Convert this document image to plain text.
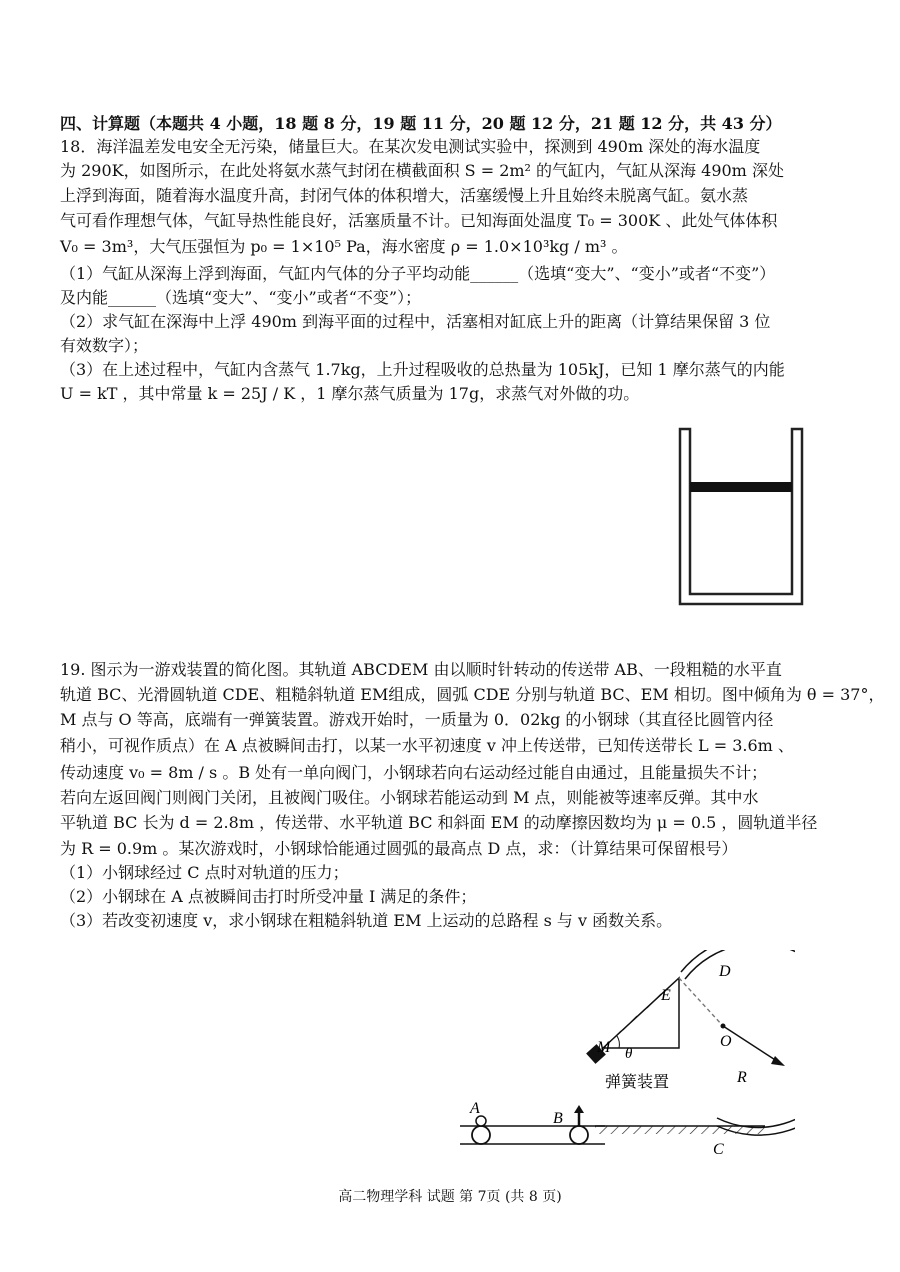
四、计算题（本题共 4 小题，18 题 8 分，19 题 11 分，20 题 12 分，21 题 12 分，共 43 分）
18．海洋温差发电安全无污染，储量巨大。在某次发电测试实验中，探测到 490m 深处的海水温度
为 290K，如图所示，在此处将氨水蒸气封闭在横截面积 S = 2m² 的气缸内，气缸从深海 490m 深处
上浮到海面，随着海水温度升高，封闭气体的体积增大，活塞缓慢上升且始终未脱离气缸。氨水蒸
气可看作理想气体，气缸导热性能良好，活塞质量不计。已知海面处温度 T₀ = 300K 、此处气体体积
V₀ = 3m³，大气压强恒为 p₀ = 1×10⁵ Pa，海水密度 ρ = 1.0×10³kg / m³ 。
（1）气缸从深海上浮到海面，气缸内气体的分子平均动能______（选填“变大”、“变小”或者“不变”）
及内能______（选填“变大”、“变小”或者“不变”）；
（2）求气缸在深海中上浮 490m 到海平面的过程中，活塞相对缸底上升的距离（计算结果保留 3 位
有效数字）；
（3）在上述过程中，气缸内含蒸气 1.7kg，上升过程吸收的总热量为 105kJ，已知 1 摩尔蒸气的内能
U = kT ，其中常量 k = 25J / K ，1 摩尔蒸气质量为 17g，求蒸气对外做的功。
19. 图示为一游戏装置的简化图。其轨道 ABCDEM 由以顺时针转动的传送带 AB、一段粗糙的水平直
轨道 BC、光滑圆轨道 CDE、粗糙斜轨道 EM组成，圆弧 CDE 分别与轨道 BC、EM 相切。图中倾角为 θ = 37°，
M 点与 O 等高，底端有一弹簧装置。游戏开始时，一质量为 0．02kg 的小钢球（其直径比圆管内径
稍小，可视作质点）在 A 点被瞬间击打，以某一水平初速度 v 冲上传送带，已知传送带长 L = 3.6m 、
传动速度 v₀ = 8m / s 。B 处有一单向阀门，小钢球若向右运动经过能自由通过，且能量损失不计；
若向左返回阀门则阀门关闭，且被阀门吸住。小钢球若能运动到 M 点，则能被等速率反弹。其中水
平轨道 BC 长为 d = 2.8m ，传送带、水平轨道 BC 和斜面 EM 的动摩擦因数均为 μ = 0.5 ，圆轨道半径
为 R = 0.9m 。某次游戏时，小钢球恰能通过圆弧的最高点 D 点，求：（计算结果可保留根号）
（1）小钢球经过 C 点时对轨道的压力；
（2）小钢球在 A 点被瞬间击打时所受冲量 I 满足的条件；
（3）若改变初速度 v，求小钢球在粗糙斜轨道 EM 上运动的总路程 s 与 v 函数关系。
A
B
D
E
M θ
O
R
C
弹簧装置
高二物理学科 试题 第 7页 (共 8 页)
